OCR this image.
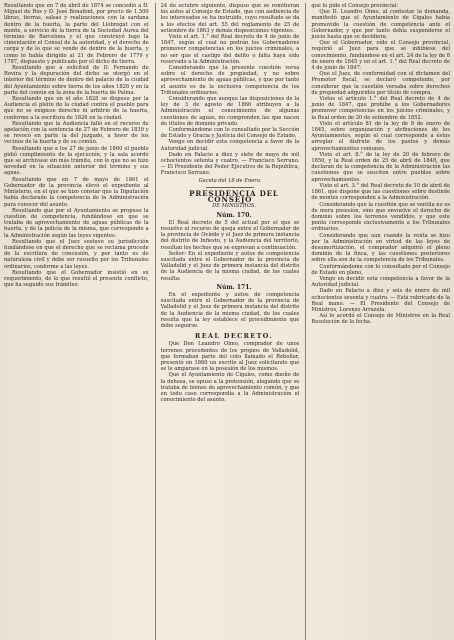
Resultando que en 7 de abril de 1874 se concedió a D. Miguel de Ros y D. José Bonafont, por precio de 1.500 libras, tierras, salsas y realizaciones con la sardana dentro de la huerta, la parte del Llobregat con el monte, a servicio de la tierra de la Sociedad Aurea del término de Barcelona y el que construyó bajo la cimentación el Consul de la autoridad, y el derecho de carga y de lo que se vende de dentro de la huerta, y como lo había dirigido al 21 de Febrero de 1779 y 1787, dispuesto y publicado por el dicho de tierra.

Resultando que a solicitud de D. Fernando de Rovira y la depuración del dicho se otorgó en el interior del término de dentro del palacio de la ciudad del Ayuntamiento sobre tierra de los años 1826 y en la parte del común en la zona de la huerta de Palma.

Resultando que en el año 1828 se dispuso por la Audiencia el pleito de la ciudad contra el pueblo para que no se exigiese derecho ni arbitrio de la huerta, conforme a la escritura de 1826 en la ciudad.

Resultando que la Audiencia falló en el recurso de apelación con la sentencia de 27 de Febrero de 1839 y se revocó en parte la del juzgado, a favor de los vecinos de la huerta y de su común.

Resultando que a los 27 de junio de 1860 el pueblo pidió cumplimiento de la ejecución, y la sala acordó que se archivase sin más trámite, con lo que no se hizo novedad en la situación anterior del término y sus aguas.

Resultando que en 7 de mayo de 1861 el Gobernador de la provincia elevó el expediente al Ministerio, en el que se hizo constar que la Diputación había declarado la competencia de la Administración para conocer del asunto.

Resultando que por el Ayuntamiento se propuso la cuestión de competencia, fundándose en que se trataba de aprovechamiento de aguas públicas de la huerta, y de la policía de la misma, que corresponde a la Administración según las leyes vigentes.

Resultando que el Juez sostuvo su jurisdicción fundándose en que el derecho que se reclama procede de la escritura de concesión, y por tanto es de naturaleza civil y debe ser resuelto por los Tribunales ordinarios, conforme a las leyes.

Resultando que el Gobernador insistió en su requerimiento, de lo que resultó el presente conflicto, que ha seguido sus trámites:

24 de octubre siguiente, dispuso que se remitieran los autos al Consejo de Estado, que con audiencia de los interesados se ha instruido, cuyo resultado se da a los efectos del art. 55 del reglamento de 25 de setiembre de 1863 y demás disposiciones vigentes.

Visto el art. 1.° del Real decreto de 4 de junio de 1847, según el cual no podrán los Gobernadores promover competencias en los juicios criminales, a no ser que el castigo del delito o falta haya sido reservado a la Administración.

Considerando que la presente cuestión versa sobre el derecho de propiedad, y no sobre aprovechamiento de aguas públicas, y que por tanto el asunto es de la exclusiva competencia de los Tribunales ordinarios.

Considerando que aunque las disposiciones de la ley de 3 de agosto de 1866 atribuyen a la Administración el conocimiento de algunas cuestiones de aguas, no comprenden las que nacen de títulos de dominio privado.

Conformándome con lo consultado por la Sección de Estado y Gracia y Justicia del Consejo de Estado,

Vengo en decidir esta competencia a favor de la Autoridad judicial.

Dado en Palacio a diez y siete de mayo de mil ochocientos setenta y cuatro. — Francisco Serrano. — El Presidente del Poder Ejecutivo de la República, Francisco Serrano.

Gaceta del 18 de Enero.

PRESIDENCIA DEL CONSEJO

DE MINISTROS.

Núm. 170.

El Real decreto de 5 del actual por el que se resuelve el recurso de queja entre el Gobernador de la provincia de Oviedo y el Juez de primera instancia del distrito de Infiesto, y la Audiencia del territorio, resultan los hechos que se expresan a continuación.

Señor: En el expediente y autos de competencia suscitada entre el Gobernador de la provincia de Valladolid y el Juez de primera instancia del distrito de la Audiencia de la misma ciudad, de los cuales resulta:

Núm. 171.

En el expediente y autos de competencia suscitada entre el Gobernador de la provincia de Valladolid y el Juez de primera instancia del distrito de la Audiencia de la misma ciudad, de los cuales resulta que la ley establece el procedimiento que debe seguirse.

REAL DECRETO.

Que Don Leandro Olmo, comprador de unos terrenos procedentes de los propios de Valladolid, que formaban parte del coto llamado el Rebollar, presentó en 1860 un escrito al Juez solicitando que se le amparase en la posesión de los mismos.

Que el Ayuntamiento de Cigales, como dueño de la dehesa, se opuso a la pretensión, alegando que se trataba de bienes de aprovechamiento común, y que en todo caso correspondía a la Administración el conocimiento del asunto.

que lo pide el Consejo provincial:

Que D. Leandro Olmo, al contestar la demanda, manifestó que el Ayuntamiento de Cigales había promovido la cuestión de competencia ante el Gobernador, y que por tanto debía suspenderse el juicio hasta que se decidiera.

Que el Gobernador, oído el Consejo provincial, requirió al Juez para que se inhibiese del conocimiento, fundándose en el art. 24 de la ley de 8 de enero de 1845 y en el art. 1.° del Real decreto de 4 de junio de 1847.

Que el Juez, de conformidad con el dictamen del Promotor fiscal, se declaró competente, por considerar que la cuestión versaba sobre derechos de propiedad adquiridos por título de compra.

Vistos el artículo 1.° del Real decreto de 4 de junio de 1847, que prohíbe a los Gobernadores promover competencias en los juicios criminales, y la Real orden de 20 de setiembre de 1852.

Visto el artículo 81 de la ley de 8 de enero de 1845, sobre organización y atribuciones de los Ayuntamientos, según el cual corresponde a éstos arreglar el disfrute de los pastos y demás aprovechamientos comunes.

Visto el art. 8.° de la ley de 20 de febrero de 1850, y la Real orden de 25 de abril de 1848, que declaran de la competencia de la Administración las cuestiones que se susciten entre pueblos sobre aprovechamientos.

Visto el art. 3.° del Real decreto de 10 de abril de 1861, que dispone que las cuestiones sobre deslinde de montes corresponden a la Administración.

Considerando que la cuestión que se ventila no es de mera posesión, sino que envuelve el derecho de dominio sobre los terrenos vendidos, y que este punto corresponde exclusivamente a los Tribunales ordinarios.

Considerando que aun cuando la venta se hizo por la Administración en virtud de las leyes de desamortización, el comprador adquirió el pleno dominio de la finca, y las cuestiones posteriores sobre ella son de la competencia de los Tribunales.

Conformándome con lo consultado por el Consejo de Estado en pleno,

Vengo en decidir esta competencia a favor de la Autoridad judicial.

Dado en Palacio a diez y seis de enero de mil ochocientos sesenta y cuatro. — Está rubricado de la Real mano. — El Presidente del Consejo de Ministros, Lorenzo Arrazola.

Así lo acordó el Consejo de Ministros en la Real Resolución de la fecha.
